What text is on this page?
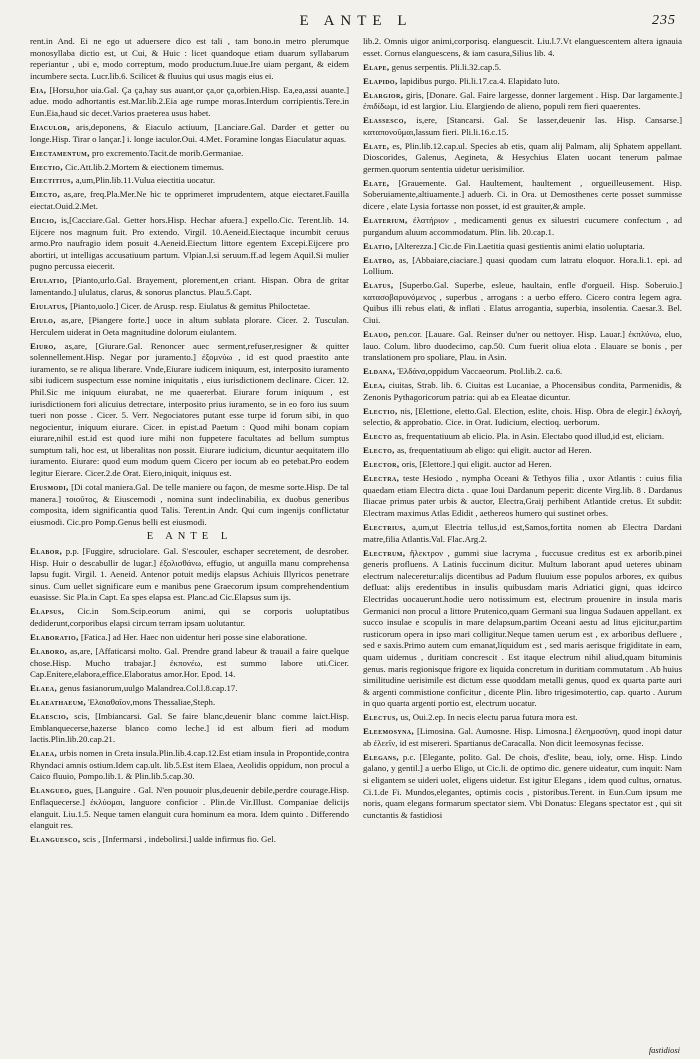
E ANTE L	235

rent.in And. Ei ne ego ut aduersere dico est tali , tam bono.in metro plerumque monosyllaba dictio est, ut Cui, & Huic : licet quandoque etiam duarum syllabarum reperiantur , ubi e, modo correptum, modo productum.Iuue.Ire uiam pergant, & eidem incumbere secta. Lucr.lib.6. Scilicet & fluuius qui usus magis eius ei.

Eia, [Horsu,hor uia.Gal. Ça ça,hay sus auant,or ça,or ça,orbien.Hisp. Ea,ea,assi auante.] adue. modo adhortantis est.Mar.lib.2.Eia age rumpe moras.Interdum corripientis.Tere.in Eun.Eia,haud sic decet.Varios praeterea usus habet.

Eiaculor, aris,deponens, & Eiaculo actiuum, [Lanciare.Gal. Darder et getter ou longe.Hisp. Tirar o lançar.] i. longe iaculor.Oui. 4.Met. Foramine longas Eiaculatur aquas.

Eiectamentum, pro excremento.Tacit.de morib.Germaniae.

Eiectio, Cic.Att.lib.2.Mortem & eiectionem timemus.

Eiectitius, a,um,Plin.lib.11.Vulua eiectitia uocatur.

Eiecto, as,are, freq.Pla.Mer.Ne hic te opprimeret imprudentem, atque eiectaret.Fauilla eiectat.Ouid.2.Met.

Eiicio, is,[Cacciare.Gal. Getter hors.Hisp. Hechar afuera.] expello.Cic. Terent.lib. 14. Eijcere nos magnum fuit. Pro extendo. Virgil. 10.Aeneid.Eiectaque incumbit ceruus armo.Pro naufragio idem posuit 4.Aeneid.Eiectum littore egentem Excepi.Eijcere pro abortiri, ut intelligas accusatiuum partum. Vlpian.l.si seruum.ff.ad legem Aquil.Si mulier pugno percussa eiecerit.

Eiulatio, [Pianto,urlo.Gal. Brayement, plorement,en criant. Hispan. Obra de gritar lamentando.] ululatus, clarus, & sonorus planctus. Plau.5.Capt.

Eiulatus, [Pianto,uolo.] Cicer. de Arusp. resp. Eiulatus & gemitus Philoctetae.

Eiulo, as,are, [Piangere forte.] uoce in altum sublata plorare. Cicer. 2. Tusculan. Herculem uiderat in Oeta magnitudine dolorum eiulantem.

Eiuro, as,are, [Giurare.Gal. Renoncer auec serment,refuser,resigner & quitter solennellement.Hisp. Negar por juramento.] ἐξομνύω , id est quod praestito ante iuramento, se re aliqua liberare. Vnde,Eiurare iudicem iniquum, est, interposito iuramento sibi iudicem suspectum esse nomine iniquitatis , eius iurisdictionem declinare. Cicer. 12. Phil.Sic me iniquum eiurabat, ne me quaererbat. Eiurare forum iniquum , est iurisdictionem fori alicuius detrectare, interposito prius iuramento, se in eo foro ius suum tueri non posse . Cicer. 5. Verr. Negociatores putant esse turpe id forum sibi, in quo negocientur, iniquum eiurare. Cicer. in epist.ad Paetum : Quod mihi bonam copiam eiurare,nihil est.id est quod iure mihi non fuppetere facultates ad bellum sumptus sumptum tali, hoc est, ut liberalitas non possit. Eiurare iudicium, dicuntur aequitatem illo iuramento. Eiurare: quod eum modum quem Cicero per iocum ab eo petebat.Pro eodem legitur Eierare. Cicer.2.de Orat. Eiero,iniquit, iniquus est.

Eiusmodi, [Di cotal maniera.Gal. De telle maniere ou façon, de mesme sorte.Hisp. De tal manera.] τοιοῦτος, & Eiuscemodi , nomina sunt indeclinabilia, ex duobus generibus composita, idem significantia quod Talis. Terent.in Andr. Qui cum ingenijs conflictatur eiusmodi. Cic.pro Pomp.Genus belli est eiusmodi.

E ANTE L

Elabor, p.p. [Fuggire, sdruciolare. Gal. S'escouler, eschaper secretement, de desrober. Hisp. Huir o descabullir de lugar.] ἐξολισθάνω, effugio, ut anguilla manu comprehensa lapsu fugit. Virgil. 1. Aeneid. Antenor potuit medijs elapsus Achiuis Illyricos penetrare sinus. Cum uellet significare eum e manibus pene Graecorum ipsum comprehendentium euasisse. Sic Pla.in Capt. Ea spes elapsa est. Planc.ad Cic.Elapsus sum ijs.

Elapsus, Cic.in Som.Scip.eorum animi, qui se corporis uoluptatibus dediderunt,corporibus elapsi circum terram ipsam uolutantur.

Elaboratio, [Fatica.] ad Her. Haec non uidentur heri posse sine elaboratione.

Elaboro, as,are, [Affaticarsi molto. Gal. Prendre grand labeur & trauail a faire quelque chose.Hisp. Mucho trabajar.] ἐκπονέω, est summo labore uti.Cicer. Cap.Enitere,elabora,effice.Elaboratus amor.Hor. Epod. 14.

Elaea, genus fasianorum,uulgo Malandrea.Col.l.8.cap.17.

Elaeathaeum, Ἐλαιαθαῖον,mons Thessaliae,Steph.

Elaescio, scis, [Imbiancarsi. Gal. Se faire blanc,deuenir blanc comme laict.Hisp. Emblanquecerse,hazerse blanco como leche.] id est album fieri ad modum lactis.Plin.lib.20.cap.21.

Elaea, urbis nomen in Creta insula.Plin.lib.4.cap.12.Est etiam insula in Propontide,contra Rhyndaci amnis ostium.Idem cap.ult. lib.5.Est item Elaea, Aeolidis oppidum, non procul a Caico fluuio, Pompo.lib.1. & Plin.lib.5.cap.30.

Elangueo, gues, [Languire . Gal. N'en pouuoir plus,deuenir debile,perdre courage.Hisp. Enflaquecerse.] ἐκλύομαι, languore conficior . Plin.de Vir.Illust. Companiae delicijs elanguit. Liu.1.5. Neque tamen elanguit cura hominum ea mora. Idem quinto . Differendo elanguit res.

Elanguesco, scis , [Infermarsi , indebolirsi.] ualde infirmus fio. Gel.

lib.2. Omnis uigor animi,corporisq. elanguescit. Liu.l.7.Vt elanguescentem altera ignauia esset. Cornus elanguescens, & iam casura,Silius lib. 4.

Elape, genus serpentis. Pli.li.32.cap.5.

Elapido, lapidibus purgo. Pli.li.17.ca.4. Elapidato luto.

Elargior, giris, [Donare. Gal. Faire largesse, donner largement . Hisp. Dar largamente.] ἐπιδίδωμι, id est largior. Liu. Elargiendo de alieno, populi rem fieri quaerentes.

Elassesco, is,ere, [Stancarsi. Gal. Se lasser,deuenir las. Hisp. Cansarse.] καταπονοῦμαι,lassum fieri. Pli.li.16.c.15.

Elate, es, Plin.lib.12.cap.ul. Species ab etis, quam alij Palmam, alij Sphatem appellant. Dioscorides, Galenus, Aegineta, & Hesychius Elaten uocant tenerum palmae germen.quorum sententia uidetur uerisimilior.

Elate, [Grauemente. Gal. Haultement, haultement , orgueilleusement. Hisp. Soberuiamente,altiuamente.] aduerb. Ci. in Ora. ut Demosthenes certe posset summisse dicere , elate Lysia fortasse non posset, id est grauiter,& ample.

Elaterium, ἐλατήριον , medicamenti genus ex siluestri cucumere confectum , ad purgandum aluum accommodatum. Plin. lib. 20.cap.1.

Elatio, [Alterezza.] Cic.de Fin.Laetitia quasi gestientis animi elatio uoluptaria.

Elatro, as, [Abbaiare,ciaciare.] quasi quodam cum latratu eloquor. Hora.li.1. epi. ad Lollium.

Elatus, [Superbo.Gal. Superbe, esleue, haultain, enfle d'orgueil. Hisp. Soberuio.] κατασοβαρυνόμενος , superbus , arrogans : a uerbo effero. Cicero contra legem agra. Quibus illi rebus elati, & inflati . Elatus arrogantia, superbia, insolentia. Caesar.3. Bel. Ciui.

Elauo, pen.cor. [Lauare. Gal. Reinser du'ner ou nettoyer. Hisp. Lauar.] ἐκπλύνω, eluo, lauo. Colum. libro duodecimo, cap.50. Cum fuerit oliua elota . Elauare se bonis , per translationem pro spoliare, Plau. in Asin.

Eldana, Ἐλδάνα,oppidum Vaccaeorum. Ptol.lib.2. ca.6.

Elea, ciuitas, Strab. lib. 6. Ciuitas est Lucaniae, a Phocensibus condita, Parmenidis, & Zenonis Pythagoricorum patria: qui ab ea Eleatae dicuntur.

Electio, nis, [Elettione, eletto.Gal. Election, eslite, chois. Hisp. Obra de elegir.] ἐκλογή, selectio, & approbatio. Cice. in Orat. Iudicium, electioq. uerborum.

Electo as, frequentatiuum ab elicio. Pla. in Asin. Electabo quod illud,id est, eliciam.

Electo, as, frequentatiuum ab eligo: qui eligit. auctor ad Heren.

Elector, oris, [Elettore.] qui eligit. auctor ad Heren.

Electra, teste Hesiodo , nympha Oceani & Tethyos filia , uxor Atlantis : cuius filia quaedam etiam Electra dicta . quae Ioui Dardanum peperit: dicente Virg.lib. 8 . Dardanus Iliacae primus pater urbis & auctor, Electra,Graij perhibent Atlantide cretus. Et subdit: Electram maximus Atlas Edidit , aethereos humero qui sustinet orbes.

Electrius, a,um,ut Electria tellus,id est,Samos,fortita nomen ab Electra Dardani matre,filia Atlantis.Val. Flac.Arg.2.

Electrum, ἤλεκτρον , gummi siue lacryma , fuccusue creditus est ex arborib.pinei generis profluens. A Latinis fuccinum dicitur. Multum laborant apud ueteres ubinam electrum naleceretur:alijs dicentibus ad Padum fluuium esse populos arbores, ex quibus defluat: alijs eredentibus in insulis quibusdam maris Adriatici gigni, quas idcirco Electridas uocauerunt.hodie uero notissimum est, electrum prouenire in insula maris Germanici non procul a littore Prutenico,quam Germani sua lingua Sudauen appellant. ex succo insulae e scopulis in mare delapsum,partim Oceani aestu ad litus ejicitur,partim rusticorum opera in ipso mari colligitur.Neque tamen uerum est , ex arboribus defluere , sed e saxis.Primo autem cum emanat,liquidum est , sed maris aerisque frigiditate in eam, quam uidemus , duritiam concrescit . Est itaque electrum nihil aliud,quam bituminis genus. maris regionisque frigore ex liquida concretum in duritiam commutatum . Ab huius similitudine uerisimile est dictum esse quoddam metalli genus, quod ex quarta parte auri & argenti commistione conficitur , dicente Plin. libro trigesimotertio, cap. quarto . Aurum in quo quarta argenti portio est, electrum uocatur.

Electus, us, Oui.2.ep. In necis electu parua futura mora est.

Eleemosyna, [Limosina. Gal. Aumosne. Hisp. Limosna.] ἐλεημοσύνη, quod inopi datur ab ἐλεεῖν, id est misereri. Spartianus deCaracalla. Non dicit leemosynas fecisse.

Elegans, p.c. [Elegante, polito. Gal. De chois, d'eslite, beau, ioly, orne. Hisp. Lindo galano, y gentil.] a uerbo Eligo, ut Cic.li. de optimo dic. genere uideatur, cum inquit: Nam si eligantem se uideri uolet, eligens uidetur. Est igitur Elegans , idem quod cultus, ornatus. Ci.1.de Fi. Mundos,elegantes, optimis cocis , pistoribus.Terent. in Eun.Cum ipsum me noris, quam elegans formarum spectator siem. Vbi Donatus: Elegans spectator est , qui sit cunctantis & fastidiosi

fastidiosi
